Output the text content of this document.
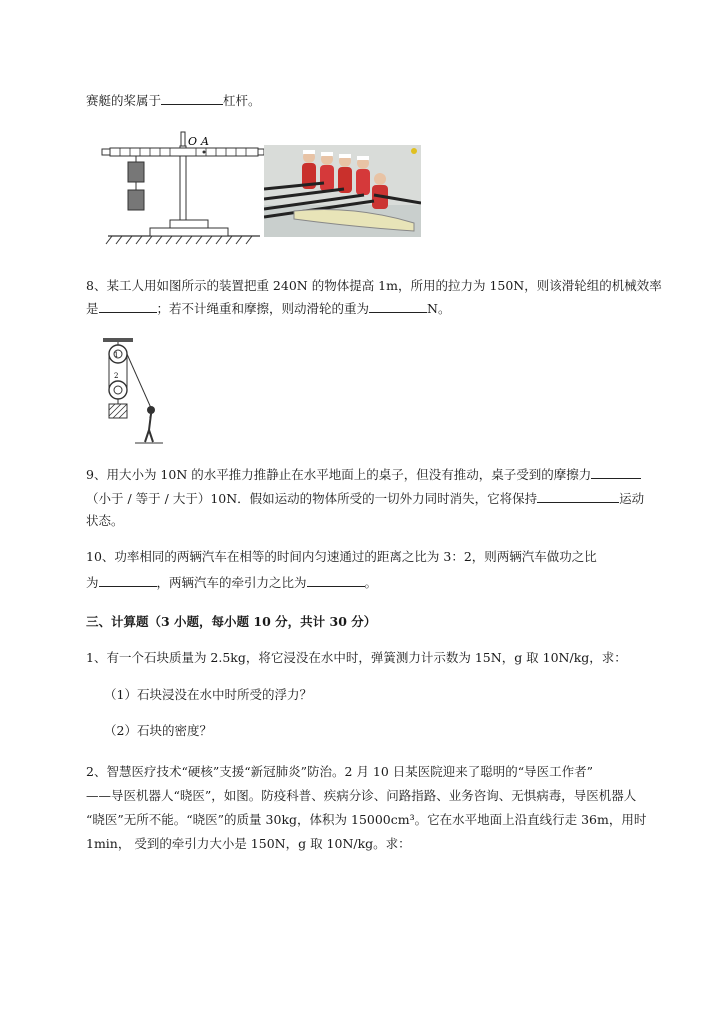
赛艇的桨属于	杠杆。
O A
8、某工人用如图所示的装置把重 240N 的物体提高 1m，所用的拉力为 150N，则该滑轮组的机械效率
是	；若不计绳重和摩擦，则动滑轮的重为	N。
1
2
9、用大小为 10N 的水平推力推静止在水平地面上的桌子，但没有推动，桌子受到的摩擦力
（小于 / 等于 / 大于）10N．假如运动的物体所受的一切外力同时消失，它将保持	运动
状态。
10、功率相同的两辆汽车在相等的时间内匀速通过的距离之比为 3：2，则两辆汽车做功之比
为	，两辆汽车的牵引力之比为	。
三、计算题（3 小题，每小题 10 分，共计 30 分）
1、有一个石块质量为 2.5kg，将它浸没在水中时，弹簧测力计示数为 15N，g 取 10N/kg，求：
（1）石块浸没在水中时所受的浮力？
（2）石块的密度？
2、智慧医疗技术“硬核”支援“新冠肺炎”防治。2 月 10 日某医院迎来了聪明的“导医工作者”
——导医机器人“晓医”，如图。防疫科普、疾病分诊、问路指路、业务咨询、无惧病毒，导医机器人
“晓医”无所不能。“晓医”的质量 30kg，体积为 15000cm³。它在水平地面上沿直线行走 36m，用时
1min， 受到的牵引力大小是 150N，g 取 10N/kg。求：
